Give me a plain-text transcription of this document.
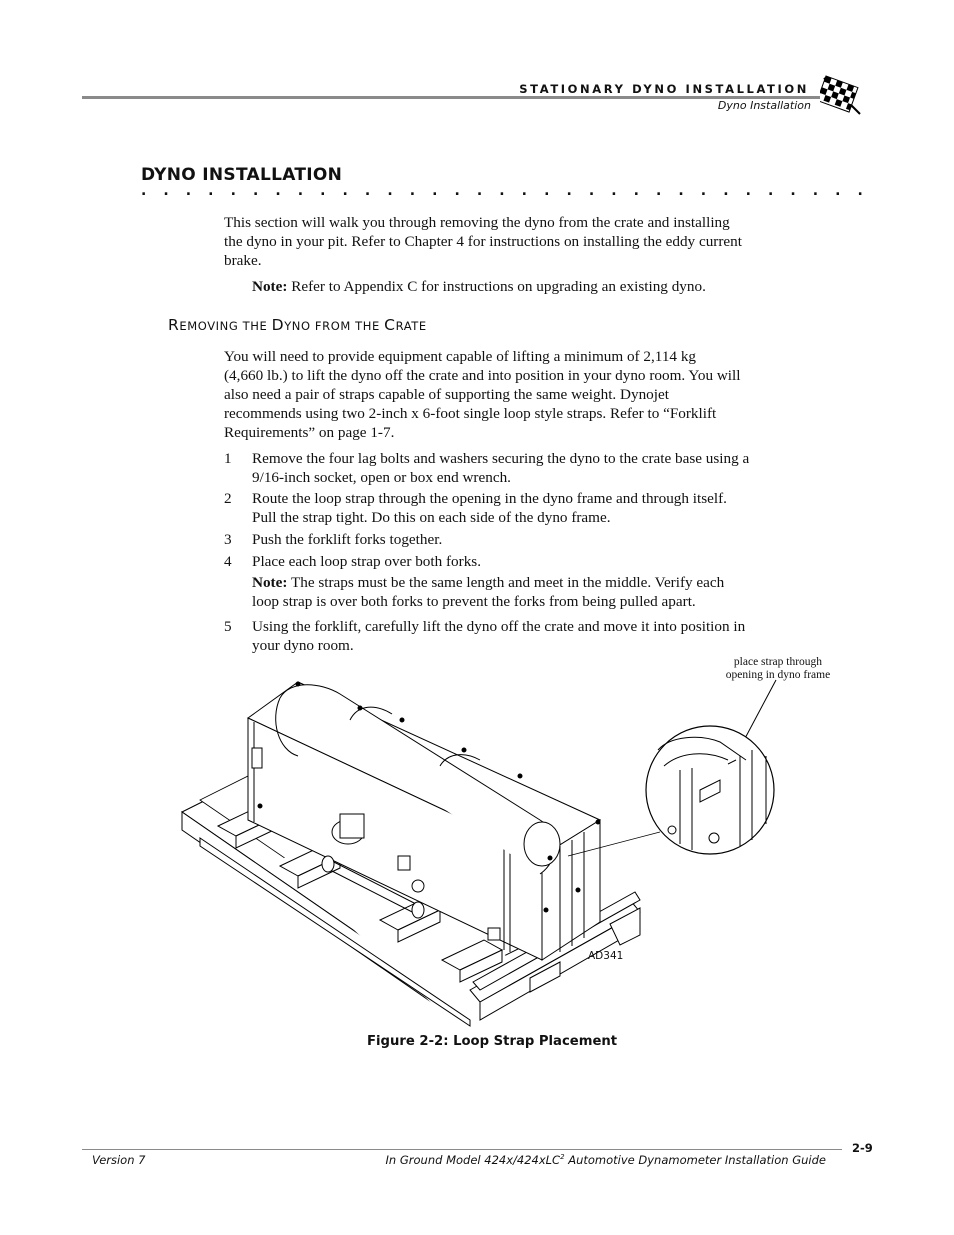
STATIONARY DYNO INSTALLATION
Dyno Installation
DYNO INSTALLATION
. . . . . . . . . . . . . . . . . . . . . . . . . . . . . . . . .
This section will walk you through removing the dyno from the crate and installing
the dyno in your pit. Refer to Chapter 4 for instructions on installing the eddy current
brake.
Note: Refer to Appendix C for instructions on upgrading an existing dyno.
REMOVING THE DYNO FROM THE CRATE
You will need to provide equipment capable of lifting a minimum of 2,114 kg
(4,660 lb.) to lift the dyno off the crate and into position in your dyno room. You will
also need a pair of straps capable of supporting the same weight. Dynojet
recommends using two 2-inch x 6-foot single loop style straps. Refer to “Forklift
Requirements” on page 1-7.
1 Remove the four lag bolts and washers securing the dyno to the crate base using a
9/16-inch socket, open or box end wrench.
2 Route the loop strap through the opening in the dyno frame and through itself.
Pull the strap tight. Do this on each side of the dyno frame.
3 Push the forklift forks together.
4 Place each loop strap over both forks.
Note: The straps must be the same length and meet in the middle. Verify each
loop strap is over both forks to prevent the forks from being pulled apart.
5 Using the forklift, carefully lift the dyno off the crate and move it into position in
your dyno room.
place strap through
opening in dyno frame
AD341
Figure 2-2: Loop Strap Placement
2-9
Version 7	In Ground Model 424x/424xLC$^2$ Automotive Dynamometer Installation Guide
